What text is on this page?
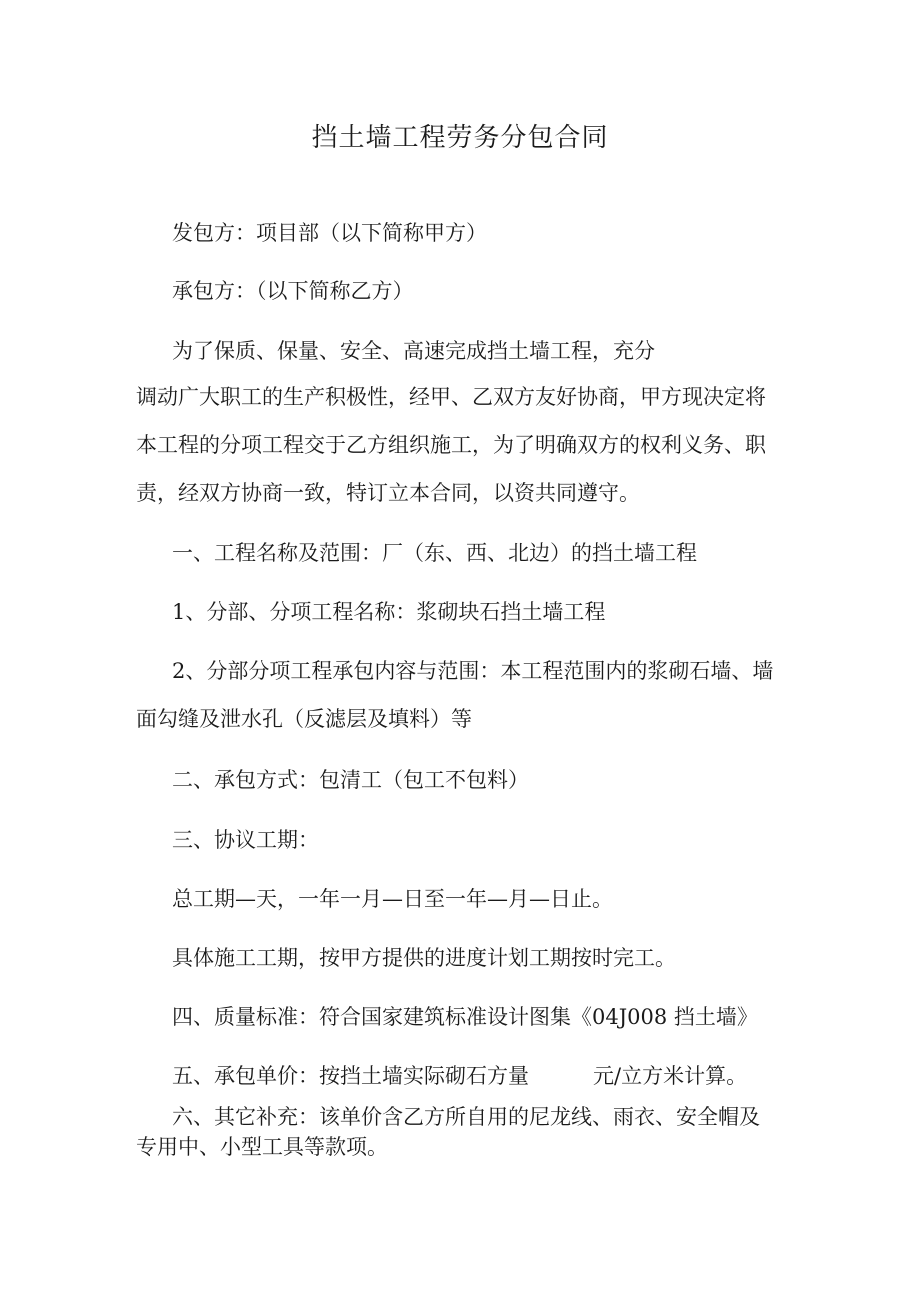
挡土墙工程劳务分包合同
发包方：项目部（以下简称甲方）
承包方：（以下简称乙方）
为了保质、保量、安全、高速完成挡土墙工程，充分
调动广大职工的生产积极性，经甲、乙双方友好协商，甲方现决定将
本工程的分项工程交于乙方组织施工，为了明确双方的权利义务、职
责，经双方协商一致，特订立本合同，以资共同遵守。
一、工程名称及范围：厂（东、西、北边）的挡土墙工程
1、分部、分项工程名称：浆砌块石挡土墙工程
2、分部分项工程承包内容与范围：本工程范围内的浆砌石墙、墙
面勾缝及泄水孔（反滤层及填料）等
二、承包方式：包清工（包工不包料）
三、协议工期：
总工期—天，一年一月—日至一年—月—日止。
具体施工工期，按甲方提供的进度计划工期按时完工。
四、质量标准：符合国家建筑标准设计图集《04J008 挡土墙》
五、承包单价：按挡土墙实际砌石方量	元/立方米计算。
六、其它补充：该单价含乙方所自用的尼龙线、雨衣、安全帽及
专用中、小型工具等款项。
